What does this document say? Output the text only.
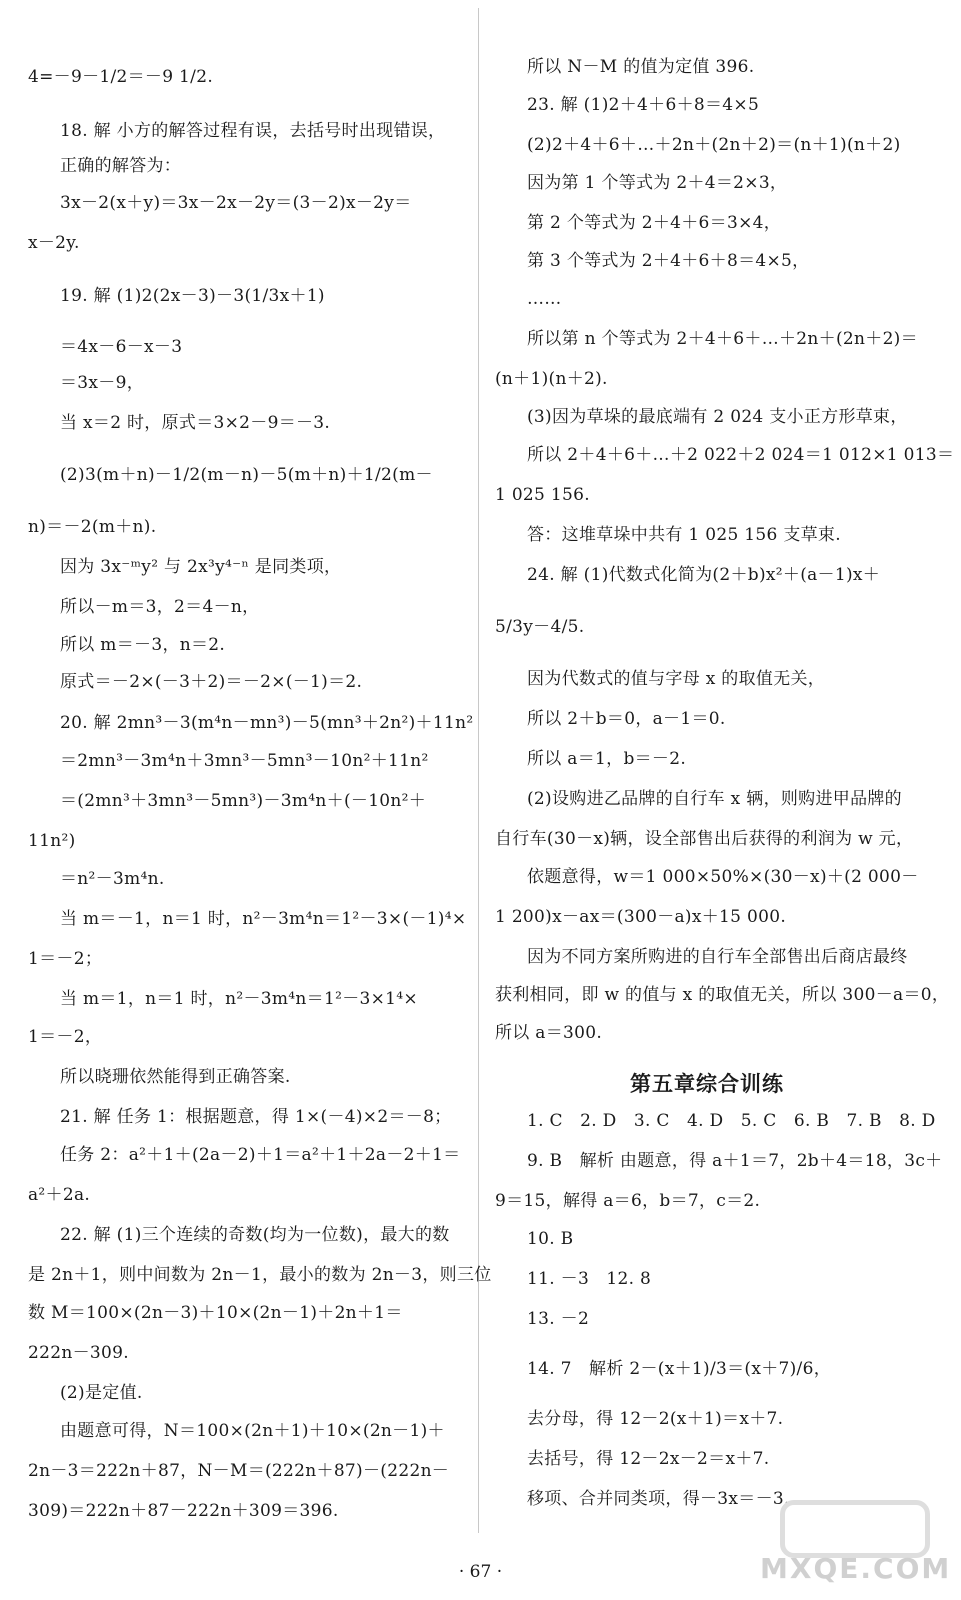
4=－9－1/2＝－9 1/2.
18. 解 小方的解答过程有误，去括号时出现错误，
正确的解答为：
3x－2(x＋y)＝3x－2x－2y＝(3－2)x－2y＝
x－2y.
19. 解 (1)2(2x－3)－3(1/3x＋1)
＝4x－6－x－3
＝3x－9，
当 x＝2 时，原式＝3×2－9＝－3.
(2)3(m＋n)－1/2(m－n)－5(m＋n)＋1/2(m－
n)＝－2(m＋n).
因为 3x⁻ᵐy² 与 2x³y⁴⁻ⁿ 是同类项，
所以－m＝3，2＝4－n，
所以 m＝－3，n＝2.
原式＝－2×(－3＋2)＝－2×(－1)＝2.
20. 解 2mn³－3(m⁴n－mn³)－5(mn³＋2n²)＋11n²
＝2mn³－3m⁴n＋3mn³－5mn³－10n²＋11n²
＝(2mn³＋3mn³－5mn³)－3m⁴n＋(－10n²＋
11n²)
＝n²－3m⁴n.
当 m＝－1，n＝1 时，n²－3m⁴n＝1²－3×(－1)⁴×
1＝－2；
当 m＝1，n＝1 时，n²－3m⁴n＝1²－3×1⁴×
1＝－2，
所以晓珊依然能得到正确答案.
21. 解 任务 1：根据题意，得 1×(－4)×2＝－8；
任务 2：a²＋1＋(2a－2)＋1＝a²＋1＋2a－2＋1＝
a²＋2a.
22. 解 (1)三个连续的奇数(均为一位数)，最大的数
是 2n＋1，则中间数为 2n－1，最小的数为 2n－3，则三位
数 M＝100×(2n－3)＋10×(2n－1)＋2n＋1＝
222n－309.
(2)是定值.
由题意可得，N＝100×(2n＋1)＋10×(2n－1)＋
2n－3＝222n＋87，N－M＝(222n＋87)－(222n－
309)＝222n＋87－222n＋309＝396.
所以 N－M 的值为定值 396.
23. 解 (1)2＋4＋6＋8＝4×5
(2)2＋4＋6＋…＋2n＋(2n＋2)＝(n＋1)(n＋2)
因为第 1 个等式为 2＋4＝2×3，
第 2 个等式为 2＋4＋6＝3×4，
第 3 个等式为 2＋4＋6＋8＝4×5，
……
所以第 n 个等式为 2＋4＋6＋…＋2n＋(2n＋2)＝
(n＋1)(n＋2).
(3)因为草垛的最底端有 2 024 支小正方形草束，
所以 2＋4＋6＋…＋2 022＋2 024＝1 012×1 013＝
1 025 156.
答：这堆草垛中共有 1 025 156 支草束.
24. 解 (1)代数式化简为(2＋b)x²＋(a－1)x＋
5/3y－4/5.
因为代数式的值与字母 x 的取值无关，
所以 2＋b＝0，a－1＝0.
所以 a＝1，b＝－2.
(2)设购进乙品牌的自行车 x 辆，则购进甲品牌的
自行车(30－x)辆，设全部售出后获得的利润为 w 元，
依题意得，w＝1 000×50%×(30－x)＋(2 000－
1 200)x－ax＝(300－a)x＋15 000.
因为不同方案所购进的自行车全部售出后商店最终
获利相同，即 w 的值与 x 的取值无关，所以 300－a＝0，
所以 a＝300.
1. C　2. D　3. C　4. D　5. C　6. B　7. B　8. D
9. B　解析 由题意，得 a＋1＝7，2b＋4＝18，3c＋
9＝15，解得 a＝6，b＝7，c＝2.
10. B
11. －3　12. 8
13. －2
14. 7　解析 2－(x＋1)/3＝(x＋7)/6，
去分母，得 12－2(x＋1)＝x＋7.
去括号，得 12－2x－2＝x＋7.
移项、合并同类项，得－3x＝－3.
第五章综合训练
· 67 ·	MXQE.COM
